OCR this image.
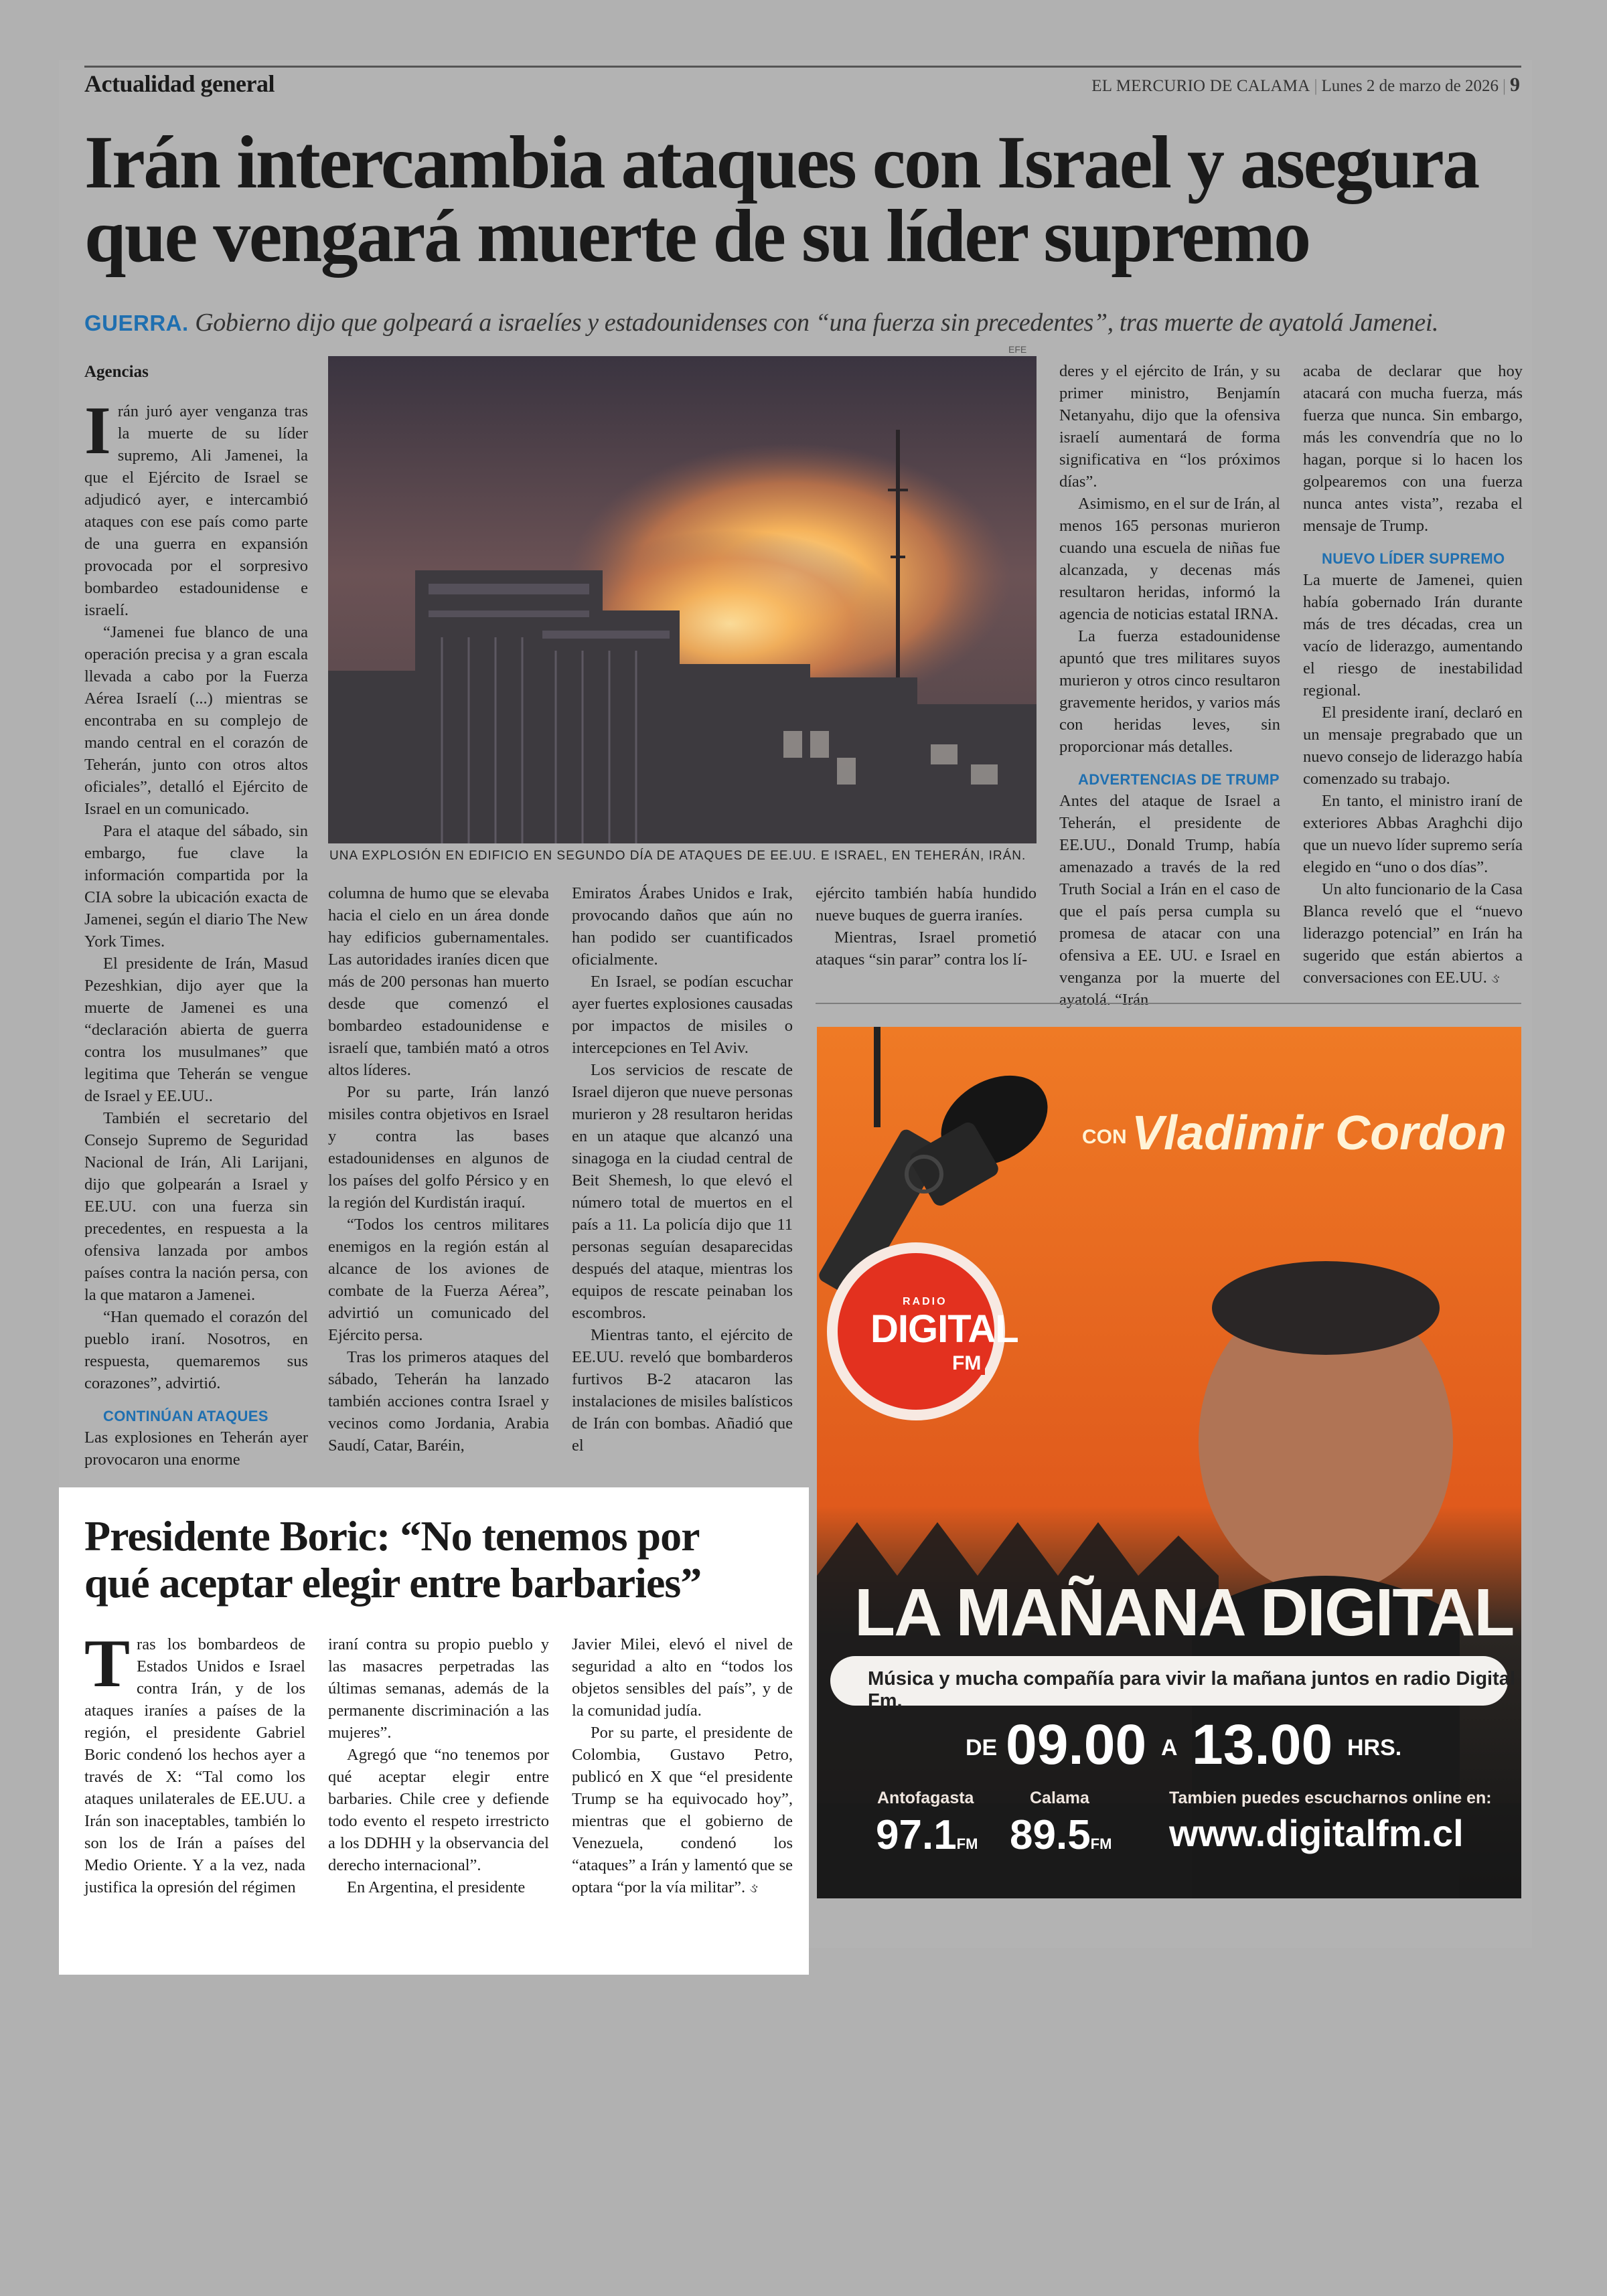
Actualidad general	EL MERCURIO DE CALAMA | Lunes 2 de marzo de 2026 | 9
Irán intercambia ataques con Israel y asegura
que vengará muerte de su líder supremo
GUERRA. Gobierno dijo que golpeará a israelíes y estadounidenses con “una fuerza sin precedentes”, tras muerte de ayatolá Jamenei.
Agencias

Irán juró ayer venganza tras la muerte de su líder supremo, Ali Jamenei, la que el Ejército de Israel se adjudicó ayer, e intercambió ataques con ese país como parte de una guerra en expansión provocada por el sorpresivo bombardeo estadounidense e israelí.

“Jamenei fue blanco de una operación precisa y a gran escala llevada a cabo por la Fuerza Aérea Israelí (...) mientras se encontraba en su complejo de mando central en el corazón de Teherán, junto con otros altos oficiales”, detalló el Ejército de Israel en un comunicado.

Para el ataque del sábado, sin embargo, fue clave la información compartida por la CIA sobre la ubicación exacta de Jamenei, según el diario The New York Times.

El presidente de Irán, Masud Pezeshkian, dijo ayer que la muerte de Jamenei es una “declaración abierta de guerra contra los musulmanes” que legitima que Teherán se vengue de Israel y EE.UU..

También el secretario del Consejo Supremo de Seguridad Nacional de Irán, Ali Larijani, dijo que golpearán a Israel y EE.UU. con una fuerza sin precedentes, en respuesta a la ofensiva lanzada por ambos países contra la nación persa, con la que mataron a Jamenei.

“Han quemado el corazón del pueblo iraní. Nosotros, en respuesta, quemaremos sus corazones”, advirtió.

CONTINÚAN ATAQUES

Las explosiones en Teherán ayer provocaron una enorme

EFE
UNA EXPLOSIÓN EN EDIFICIO EN SEGUNDO DÍA DE ATAQUES DE EE.UU. E ISRAEL, EN TEHERÁN, IRÁN.

columna de humo que se elevaba hacia el cielo en un área donde hay edificios gubernamentales. Las autoridades iraníes dicen que más de 200 personas han muerto desde que comenzó el bombardeo estadounidense e israelí que, también mató a otros altos líderes.

Por su parte, Irán lanzó misiles contra objetivos en Israel y contra las bases estadounidenses en algunos de los países del golfo Pérsico y en la región del Kurdistán iraquí.

“Todos los centros militares enemigos en la región están al alcance de los aviones de combate de la Fuerza Aérea”, advirtió un comunicado del Ejército persa.

Tras los primeros ataques del sábado, Teherán ha lanzado también acciones contra Israel y vecinos como Jordania, Arabia Saudí, Catar, Baréin,

Emiratos Árabes Unidos e Irak, provocando daños que aún no han podido ser cuantificados oficialmente.

En Israel, se podían escuchar ayer fuertes explosiones causadas por impactos de misiles o intercepciones en Tel Aviv.

Los servicios de rescate de Israel dijeron que nueve personas murieron y 28 resultaron heridas en un ataque que alcanzó una sinagoga en la ciudad central de Beit Shemesh, lo que elevó el número total de muertos en el país a 11. La policía dijo que 11 personas seguían desaparecidas después del ataque, mientras los equipos de rescate peinaban los escombros.

Mientras tanto, el ejército de EE.UU. reveló que bombarderos furtivos B-2 atacaron las instalaciones de misiles balísticos de Irán con bombas. Añadió que el

ejército también había hundido nueve buques de guerra iraníes.

Mientras, Israel prometió ataques “sin parar” contra los lí-

deres y el ejército de Irán, y su primer ministro, Benjamín Netanyahu, dijo que la ofensiva israelí aumentará de forma significativa en “los próximos días”.

Asimismo, en el sur de Irán, al menos 165 personas murieron cuando una escuela de niñas fue alcanzada, y decenas más resultaron heridas, informó la agencia de noticias estatal IRNA.

La fuerza estadounidense apuntó que tres militares suyos murieron y otros cinco resultaron gravemente heridos, y varios más con heridas leves, sin proporcionar más detalles.

ADVERTENCIAS DE TRUMP

Antes del ataque de Israel a Teherán, el presidente de EE.UU., Donald Trump, había amenazado a través de la red Truth Social a Irán en el caso de que el país persa cumpla su promesa de atacar con una ofensiva a EE. UU. e Israel en venganza por la muerte del ayatolá. “Irán

acaba de declarar que hoy atacará con mucha fuerza, más fuerza que nunca. Sin embargo, más les convendría que no lo hagan, porque si lo hacen los golpearemos con una fuerza nunca antes vista”, rezaba el mensaje de Trump.

NUEVO LÍDER SUPREMO

La muerte de Jamenei, quien había gobernado Irán durante más de tres décadas, crea un vacío de liderazgo, aumentando el riesgo de inestabilidad regional.

El presidente iraní, declaró en un mensaje pregrabado que un nuevo consejo de liderazgo había comenzado su trabajo.

En tanto, el ministro iraní de exteriores Abbas Araghchi dijo que un nuevo líder supremo sería elegido en “uno o dos días”.

Un alto funcionario de la Casa Blanca reveló que el “nuevo liderazgo potencial” en Irán ha sugerido que están abiertos a conversaciones con EE.UU. ઙ

Presidente Boric: “No tenemos por
qué aceptar elegir entre barbaries”

Tras los bombardeos de Estados Unidos e Israel contra Irán, y de los ataques iraníes a países de la región, el presidente Gabriel Boric condenó los hechos ayer a través de X: “Tal como los ataques unilaterales de EE.UU. a Irán son inaceptables, también lo son los de Irán a países del Medio Oriente. Y a la vez, nada justifica la opresión del régimen

iraní contra su propio pueblo y las masacres perpetradas las últimas semanas, además de la permanente discriminación a las mujeres”.

Agregó que “no tenemos por qué aceptar elegir entre barbaries. Chile cree y defiende todo evento el respeto irrestricto a los DDHH y la observancia del derecho internacional”.

En Argentina, el presidente

Javier Milei, elevó el nivel de seguridad a alto en “todos los objetos sensibles del país”, y de la comunidad judía.

Por su parte, el presidente de Colombia, Gustavo Petro, publicó en X que “el presidente Trump se ha equivocado hoy”, mientras que el gobierno de Venezuela, condenó los “ataques” a Irán y lamentó que se optara “por la vía militar”. ઙ

CON Vladimir Cordon
RADIO
DIGITAL
FM
LA MAÑANA DIGITAL
Música y mucha compañía para vivir la mañana juntos en radio Digital Fm.
DE 09.00 A 13.00 HRS.
Antofagasta
97.1FM
Calama
89.5FM
Tambien puedes escucharnos online en:
www.digitalfm.cl
